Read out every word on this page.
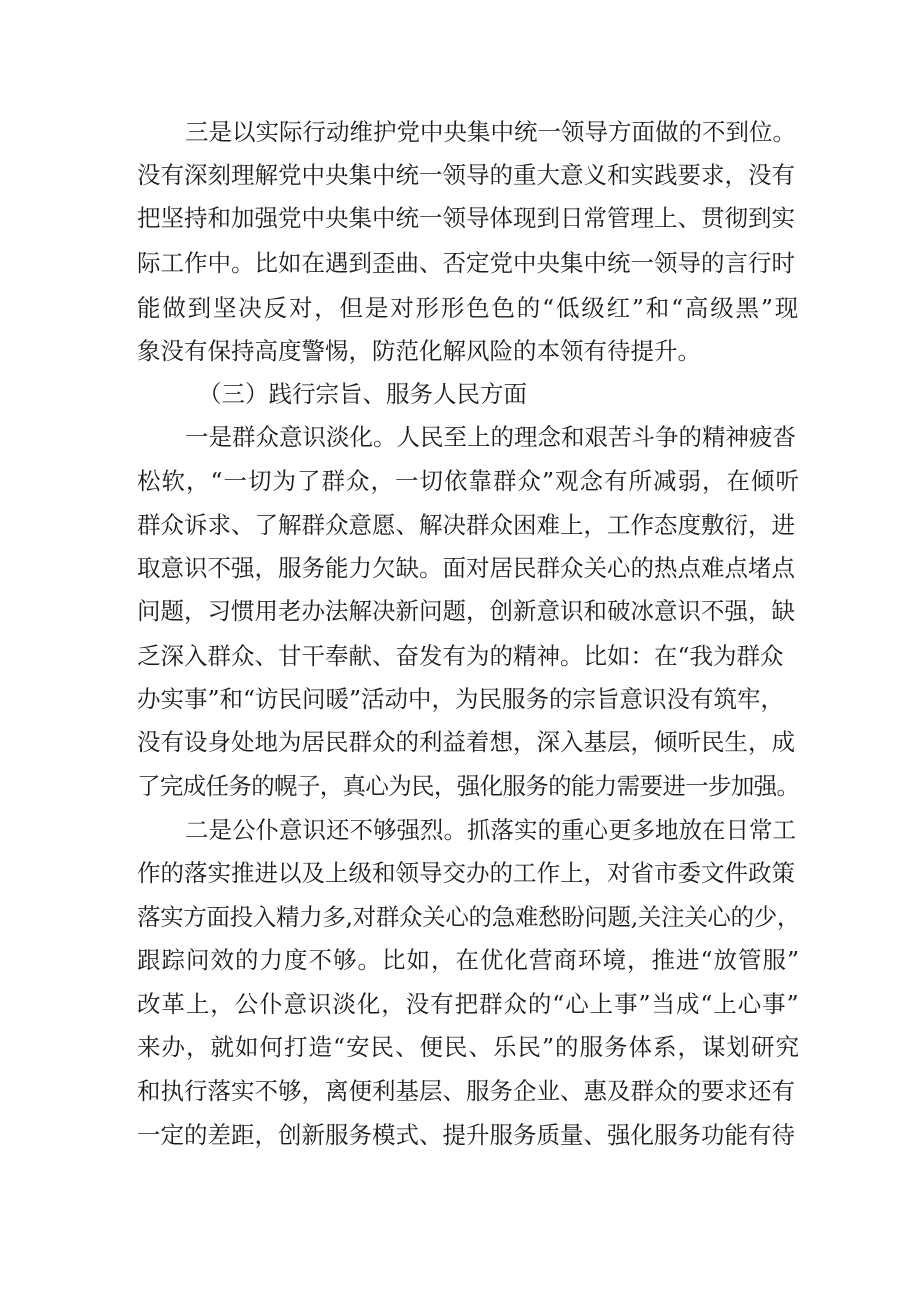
三是以实际行动维护党中央集中统一领导方面做的不到位。
没有深刻理解党中央集中统一领导的重大意义和实践要求，没有
把坚持和加强党中央集中统一领导体现到日常管理上、贯彻到实
际工作中。比如在遇到歪曲、否定党中央集中统一领导的言行时
能做到坚决反对，但是对形形色色的“低级红”和“高级黑”现
象没有保持高度警惕，防范化解风险的本领有待提升。
（三）践行宗旨、服务人民方面
一是群众意识淡化。人民至上的理念和艰苦斗争的精神疲沓
松软，“一切为了群众，一切依靠群众”观念有所减弱，在倾听
群众诉求、了解群众意愿、解决群众困难上，工作态度敷衍，进
取意识不强，服务能力欠缺。面对居民群众关心的热点难点堵点
问题，习惯用老办法解决新问题，创新意识和破冰意识不强，缺
乏深入群众、甘干奉献、奋发有为的精神。比如：在“我为群众
办实事”和“访民问暖”活动中，为民服务的宗旨意识没有筑牢，
没有设身处地为居民群众的利益着想，深入基层，倾听民生，成
了完成任务的幌子，真心为民，强化服务的能力需要进一步加强。
二是公仆意识还不够强烈。抓落实的重心更多地放在日常工
作的落实推进以及上级和领导交办的工作上，对省市委文件政策
落实方面投入精力多,对群众关心的急难愁盼问题,关注关心的少，
跟踪问效的力度不够。比如，在优化营商环境，推进“放管服”
改革上，公仆意识淡化，没有把群众的“心上事”当成“上心事”
来办，就如何打造“安民、便民、乐民”的服务体系，谋划研究
和执行落实不够，离便利基层、服务企业、惠及群众的要求还有
一定的差距，创新服务模式、提升服务质量、强化服务功能有待
